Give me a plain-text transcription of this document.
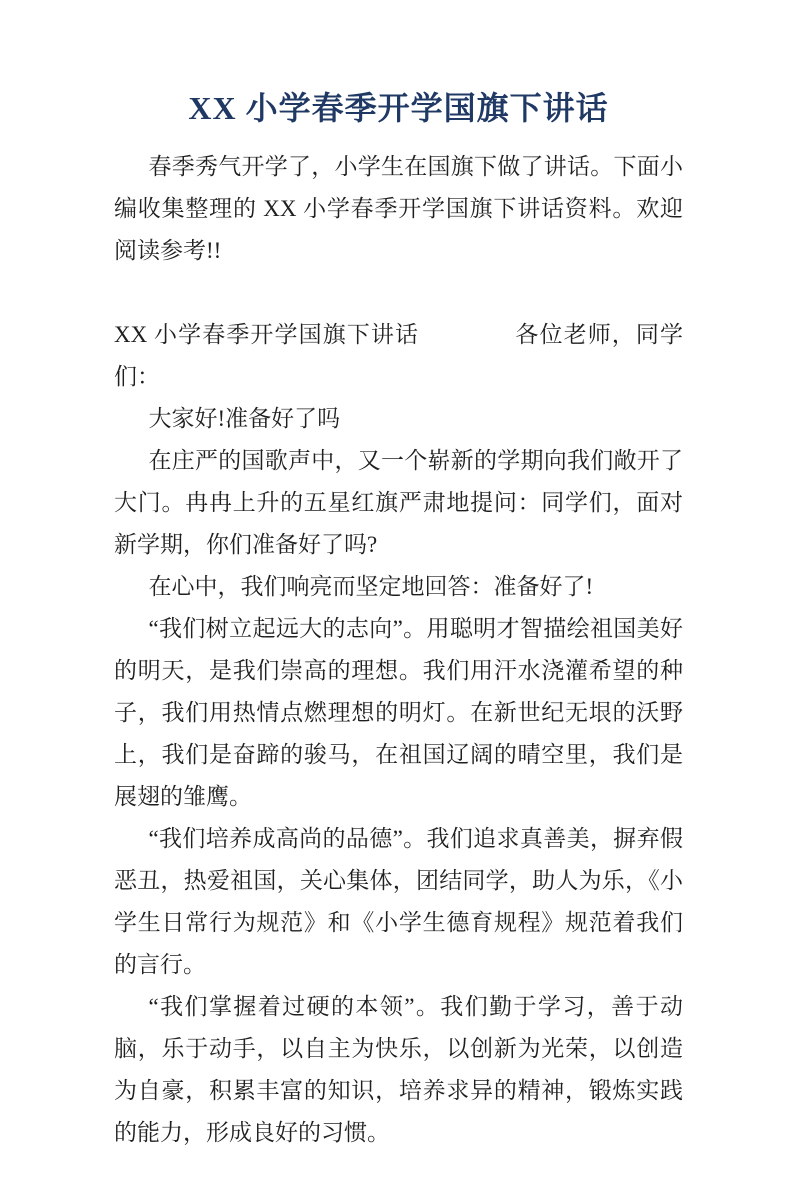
XX 小学春季开学国旗下讲话

春季秀气开学了，小学生在国旗下做了讲话。下面小编收集整理的 XX 小学春季开学国旗下讲话资料。欢迎阅读参考!!

XX 小学春季开学国旗下讲话　　　　各位老师，同学们：

大家好!准备好了吗

在庄严的国歌声中，又一个崭新的学期向我们敞开了大门。冉冉上升的五星红旗严肃地提问：同学们，面对新学期，你们准备好了吗?

在心中，我们响亮而坚定地回答：准备好了!

“我们树立起远大的志向”。用聪明才智描绘祖国美好的明天，是我们崇高的理想。我们用汗水浇灌希望的种子，我们用热情点燃理想的明灯。在新世纪无垠的沃野上，我们是奋蹄的骏马，在祖国辽阔的晴空里，我们是展翅的雏鹰。

“我们培养成高尚的品德”。我们追求真善美，摒弃假恶丑，热爱祖国，关心集体，团结同学，助人为乐，《小学生日常行为规范》和《小学生德育规程》规范着我们的言行。

“我们掌握着过硬的本领”。我们勤于学习，善于动脑，乐于动手，以自主为快乐，以创新为光荣，以创造为自豪，积累丰富的知识，培养求异的精神，锻炼实践的能力，形成良好的习惯。
